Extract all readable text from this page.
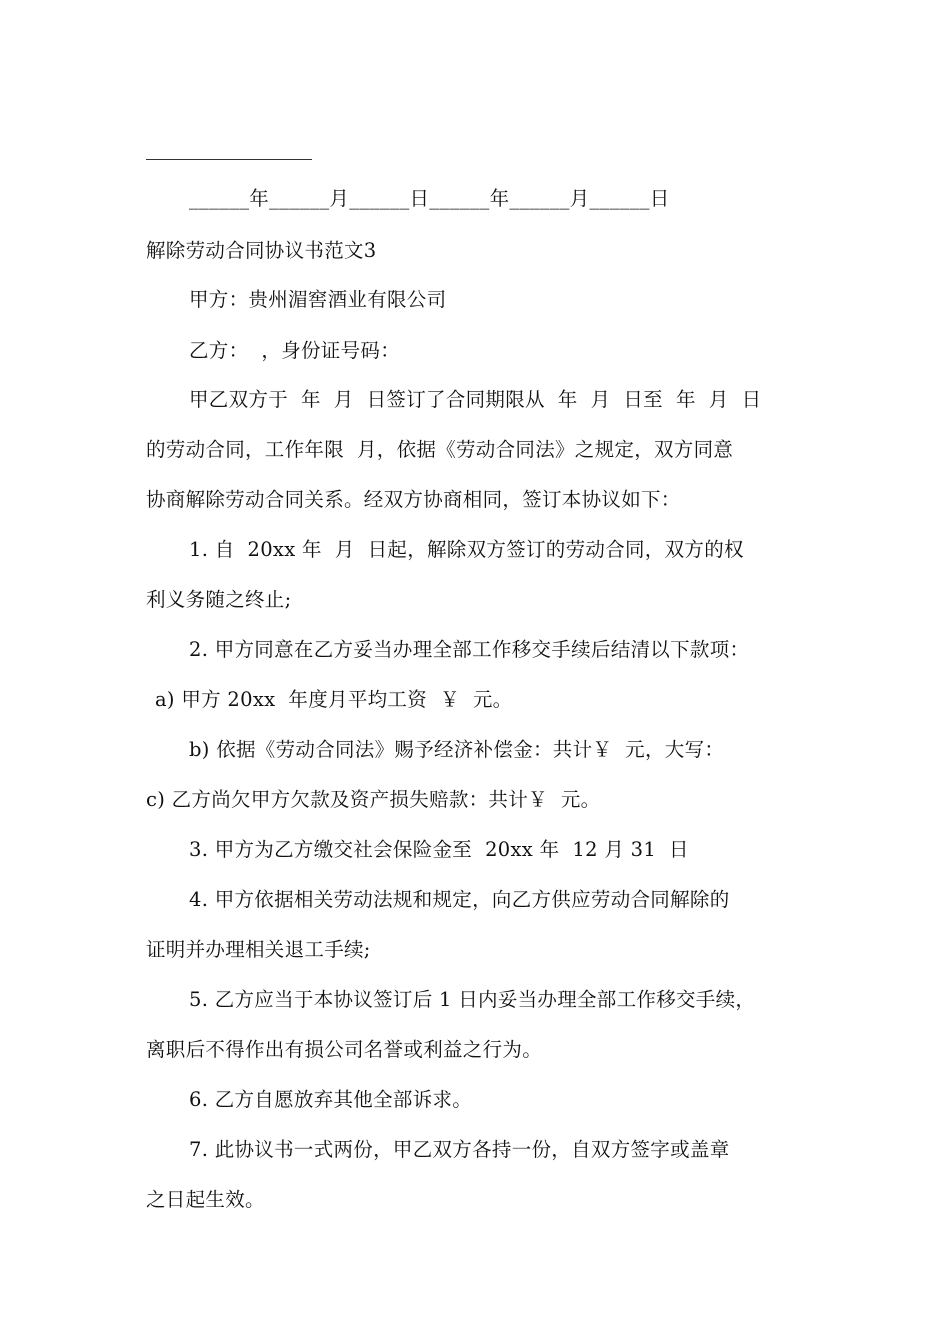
______年______月______日______年______月______日
解除劳动合同协议书范文3
甲方：贵州湄窖酒业有限公司
乙方：  ，身份证号码：
甲乙双方于  年  月  日签订了合同期限从  年  月  日至  年  月  日
的劳动合同，工作年限  月，依据《劳动合同法》之规定，双方同意
协商解除劳动合同关系。经双方协商相同，签订本协议如下：
1. 自  20xx 年  月  日起，解除双方签订的劳动合同，双方的权
利义务随之终止;
2. 甲方同意在乙方妥当办理全部工作移交手续后结清以下款项：
a) 甲方 20xx  年度月平均工资  ￥  元。
b) 依据《劳动合同法》赐予经济补偿金：共计￥  元，大写：
c) 乙方尚欠甲方欠款及资产损失赔款：共计￥  元。
3. 甲方为乙方缴交社会保险金至  20xx 年  12 月 31  日
4. 甲方依据相关劳动法规和规定，向乙方供应劳动合同解除的
证明并办理相关退工手续;
5. 乙方应当于本协议签订后 1 日内妥当办理全部工作移交手续，
离职后不得作出有损公司名誉或利益之行为。
6. 乙方自愿放弃其他全部诉求。
7. 此协议书一式两份，甲乙双方各持一份，自双方签字或盖章
之日起生效。
